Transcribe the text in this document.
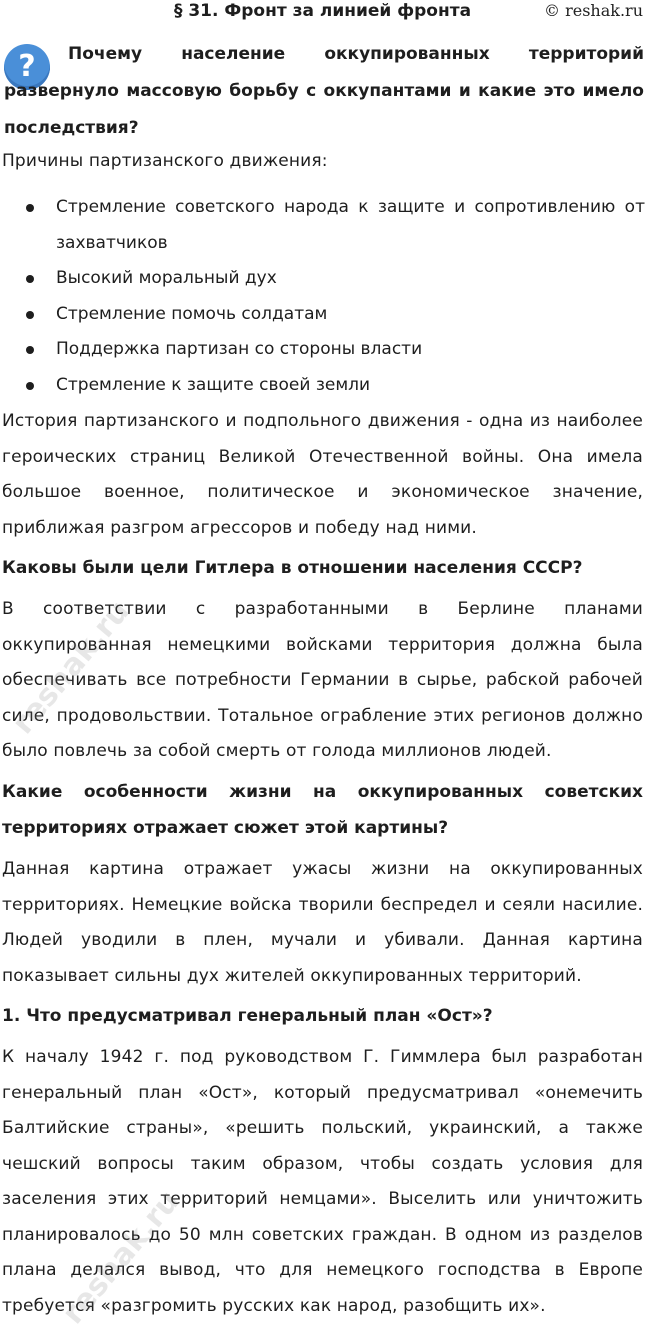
§ 31. Фронт за линией фронта	© reshak.ru
?	Почему население оккупированных территорий развернуло массовую борьбу с оккупантами и какие это имело последствия?

Причины партизанского движения:

Стремление советского народа к защите и сопротивлению от захватчиков
Высокий моральный дух
Стремление помочь солдатам
Поддержка партизан со стороны власти
Стремление к защите своей земли

История партизанского и подпольного движения - одна из наиболее героических страниц Великой Отечественной войны. Она имела большое военное, политическое и экономическое значение, приближая разгром агрессоров и победу над ними.

Каковы были цели Гитлера в отношении населения СССР?

В соответствии с разработанными в Берлине планами оккупированная немецкими войсками территория должна была обеспечивать все потребности Германии в сырье, рабской рабочей силе, продовольствии. Тотальное ограбление этих регионов должно было повлечь за собой смерть от голода миллионов людей.

Какие особенности жизни на оккупированных советских территориях отражает сюжет этой картины?

Данная картина отражает ужасы жизни на оккупированных территориях. Немецкие войска творили беспредел и сеяли насилие. Людей уводили в плен, мучали и убивали. Данная картина показывает сильны дух жителей оккупированных территорий.

1. Что предусматривал генеральный план «Ост»?

К началу 1942 г. под руководством Г. Гиммлера был разработан генеральный план «Ост», который предусматривал «онемечить Балтийские страны», «решить польский, украинский, а также чешский вопросы таким образом, чтобы создать условия для заселения этих территорий немцами». Выселить или уничтожить планировалось до 50 млн советских граждан. В одном из разделов плана делался вывод, что для немецкого господства в Европе требуется «разгромить русских как народ, разобщить их».

reshak.ru
reshak.ru
